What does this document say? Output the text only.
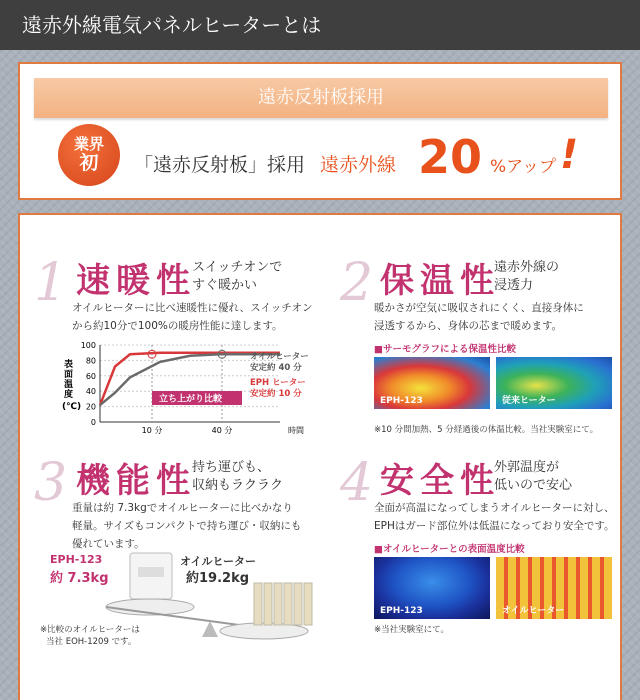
遠赤外線電気パネルヒーターとは
遠赤反射板採用
業界
初	「遠赤反射板」採用 遠赤外線 20 %アップ !
1 速暖性
スイッチオンで
すぐ暖かい
オイルヒーターに比べ速暖性に優れ、スイッチオン
から約10分で100%の暖房性能に達します。
100
80
60
40
20
0
10 分	40 分
表面温度(℃)
時間
立ち上がり比較
オイルヒーター
安定約 40 分
EPH ヒーター
安定約 10 分
2 保温性
遠赤外線の
浸透力
暖かさが空気に吸収されにくく、直接身体に
浸透するから、身体の芯まで暖めます。
■サーモグラフによる保温性比較
EPH-123	従来ヒーター
※10 分間加熱、5 分経過後の体温比較。当社実験室にて。
3 機能性
持ち運びも、
収納もラクラク
重量は約 7.3kgでオイルヒーターに比べかなり
軽量。サイズもコンパクトで持ち運び・収納にも
優れています。
EPH-123
約 7.3kg
オイルヒーター
約19.2kg
※比較のオイルヒーターは
当社 EOH-1209 です。
4 安全性
外郭温度が
低いので安心
全面が高温になってしまうオイルヒーターに対し、
EPHはガード部位外は低温になっており安全です。
■オイルヒーターとの表面温度比較
EPH-123	オイルヒーター
※当社実験室にて。
